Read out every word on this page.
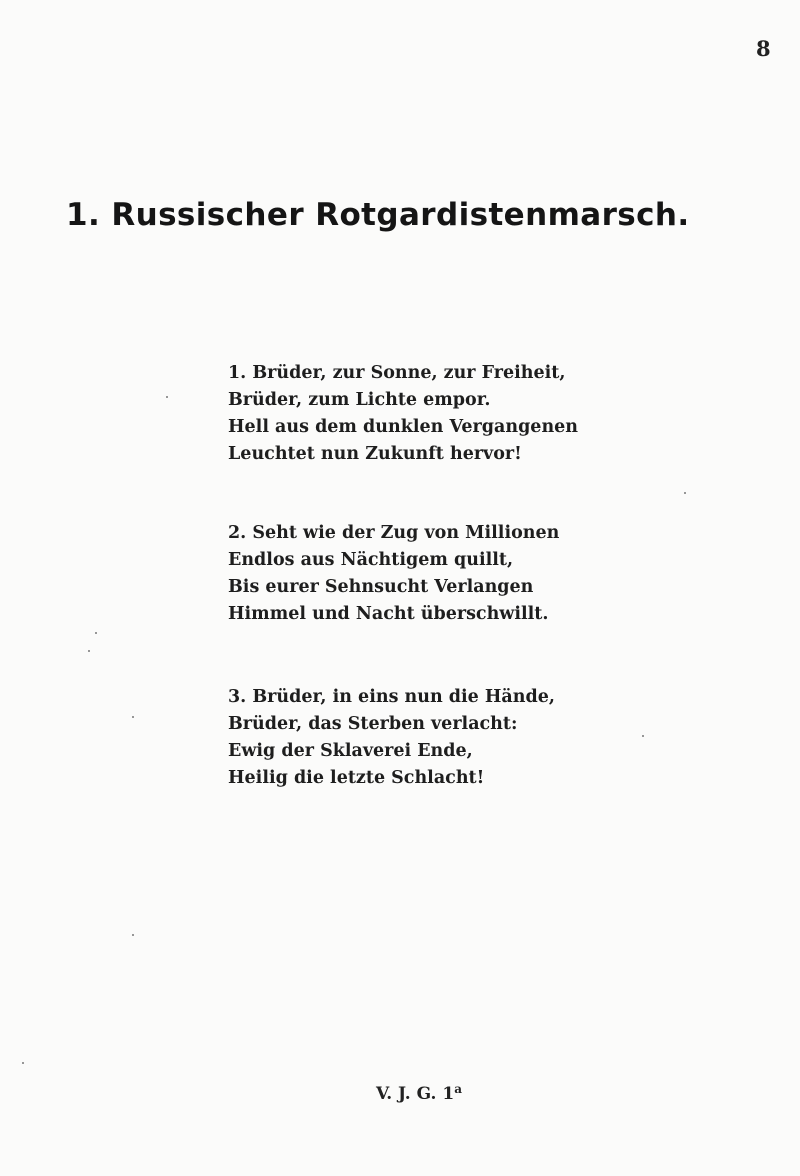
8
1. Russischer Rotgardistenmarsch.
1. Brüder, zur Sonne, zur Freiheit,
Brüder, zum Lichte empor.
Hell aus dem dunklen Vergangenen
Leuchtet nun Zukunft hervor!
2. Seht wie der Zug von Millionen
Endlos aus Nächtigem quillt,
Bis eurer Sehnsucht Verlangen
Himmel und Nacht überschwillt.
3. Brüder, in eins nun die Hände,
Brüder, das Sterben verlacht:
Ewig der Sklaverei Ende,
Heilig die letzte Schlacht!
V. J. G. 1$^a$
